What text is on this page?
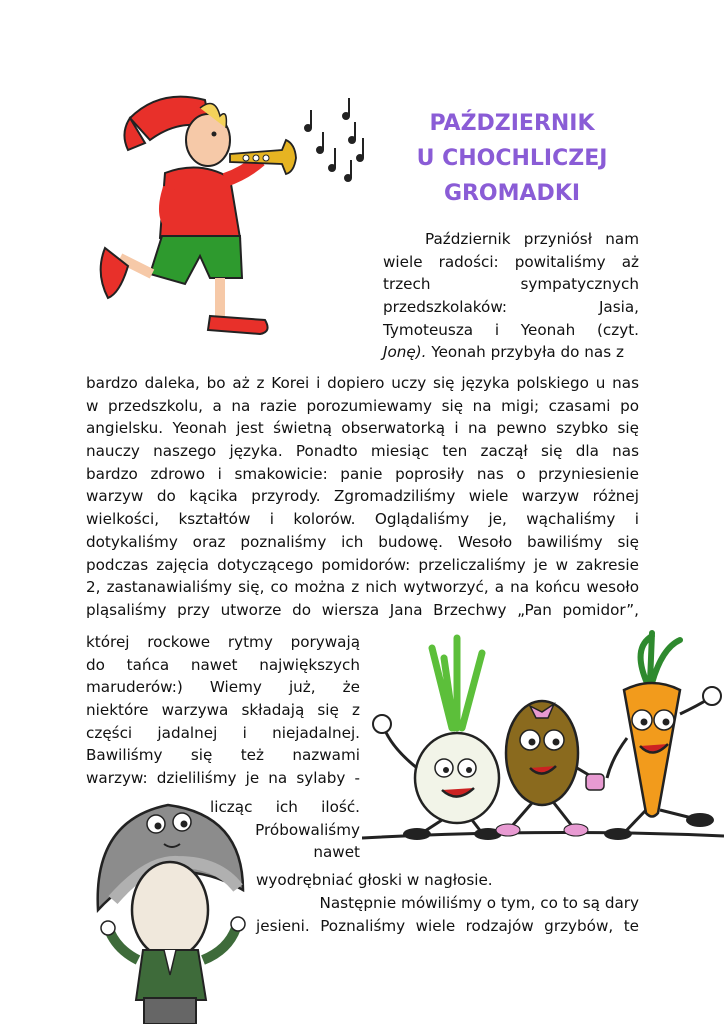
PAŹDZIERNIK
U CHOCHLICZEJ
GROMADKI
Październik przyniósł nam
wiele radości: powitaliśmy aż
trzech sympatycznych
przedszkolaków: Jasia,
Tymoteusza i Yeonah (czyt.
Jonę). Yeonah przybyła do nas z
bardzo daleka, bo aż z Korei i dopiero uczy się języka polskiego u nas
w przedszkolu, a na razie porozumiewamy się na migi; czasami po
angielsku. Yeonah jest świetną obserwatorką i na pewno szybko się
nauczy naszego języka. Ponadto miesiąc ten zaczął się dla nas
bardzo zdrowo i smakowicie: panie poprosiły nas o przyniesienie
warzyw do kącika przyrody. Zgromadziliśmy wiele warzyw różnej
wielkości, kształtów i kolorów. Oglądaliśmy je, wąchaliśmy i
dotykaliśmy oraz poznaliśmy ich budowę. Wesoło bawiliśmy się
podczas zajęcia dotyczącego pomidorów: przeliczaliśmy je w zakresie
2, zastanawialiśmy się, co można z nich wytworzyć, a na końcu wesoło
pląsaliśmy przy utworze do wiersza Jana Brzechwy „Pan pomidor”,
której rockowe rytmy porywają
do tańca nawet największych
maruderów:) Wiemy już, że
niektóre warzywa składają się z
części jadalnej i niejadalnej.
Bawiliśmy się też nazwami
warzyw: dzieliliśmy je na sylaby -
licząc ich ilość.
Próbowaliśmy
nawet
wyodrębniać głoski w nagłosie.
Następnie mówiliśmy o tym, co to są dary
jesieni. Poznaliśmy wiele rodzajów grzybów, te
